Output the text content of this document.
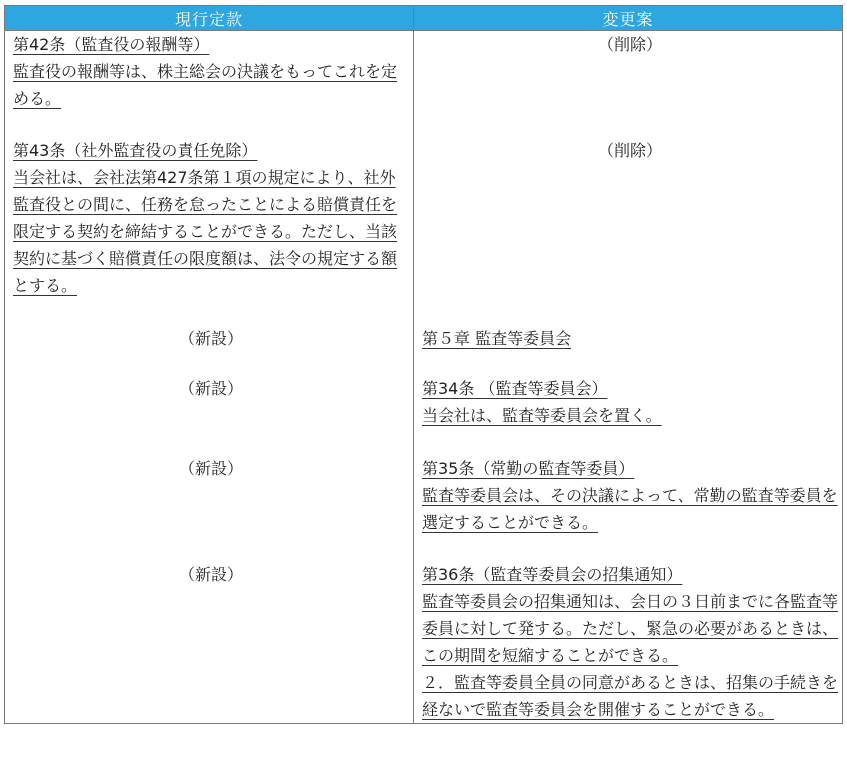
現行定款	変更案

第42条（監査役の報酬等）
監査役の報酬等は、株主総会の決議をもってこれを定める。	（削除）

第43条（社外監査役の責任免除）
当会社は、会社法第427条第１項の規定により、社外監査役との間に、任務を怠ったことによる賠償責任を限定する契約を締結することができる。ただし、当該契約に基づく賠償責任の限度額は、法令の規定する額とする。	（削除）

（新設）	第５章 監査等委員会

（新設）	第34条 （監査等委員会）
当会社は、監査等委員会を置く。

（新設）	第35条（常勤の監査等委員）
監査等委員会は、その決議によって、常勤の監査等委員を選定することができる。

（新設）	第36条（監査等委員会の招集通知）
監査等委員会の招集通知は、会日の３日前までに各監査等委員に対して発する。ただし、緊急の必要があるときは、この期間を短縮することができる。
２．監査等委員全員の同意があるときは、招集の手続きを経ないで監査等委員会を開催することができる。
